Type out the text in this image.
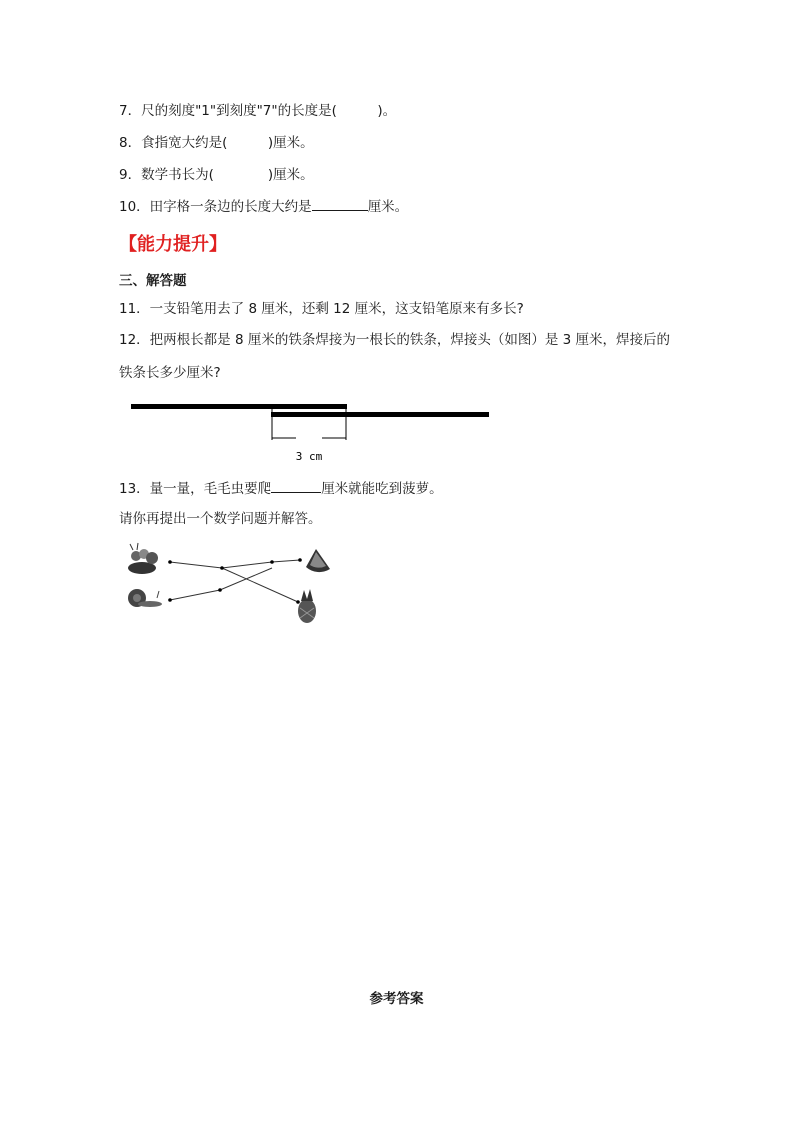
7．尺的刻度"1"到刻度"7"的长度是(　　　)。
8．食指宽大约是(　　　)厘米。
9．数学书长为(　　　　)厘米。
10．田字格一条边的长度大约是	厘米。
【能力提升】
三、解答题
11．一支铅笔用去了 8 厘米，还剩 12 厘米，这支铅笔原来有多长?
12．把两根长都是 8 厘米的铁条焊接为一根长的铁条，焊接头（如图）是 3 厘米，焊接后的
铁条长多少厘米?
3 cm
13．量一量，毛毛虫要爬	厘米就能吃到菠萝。
请你再提出一个数学问题并解答。
参考答案
